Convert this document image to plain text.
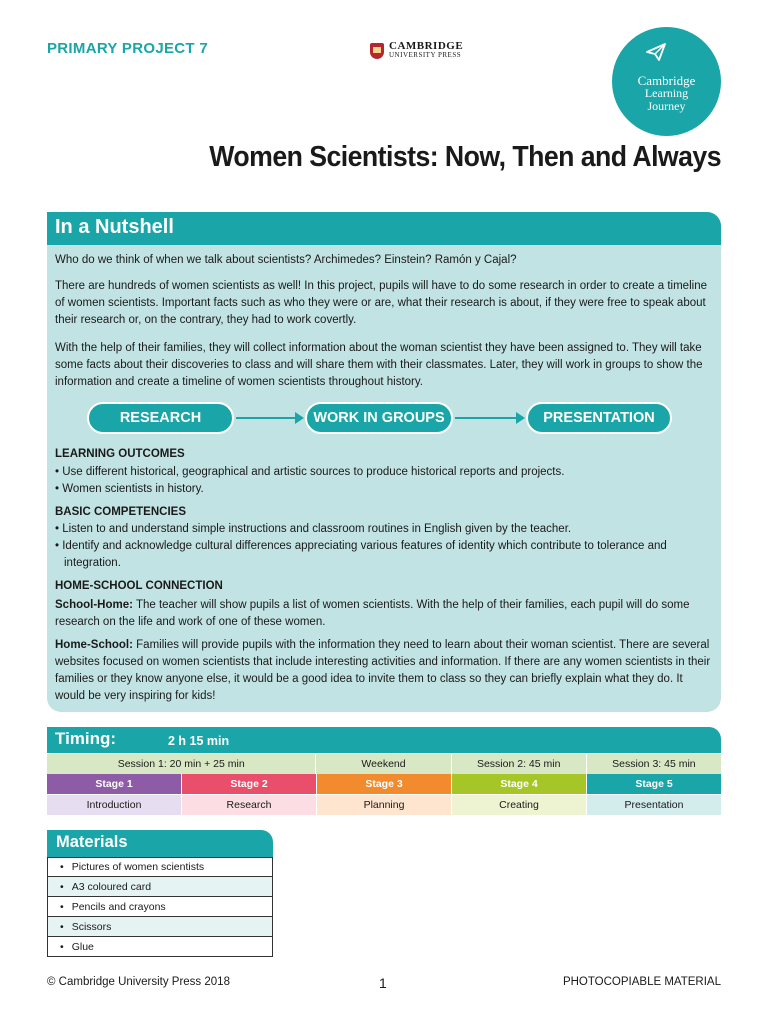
PRIMARY PROJECT 7	CAMBRIDGE
UNIVERSITY PRESS
Cambridge
Learning
Journey
Women Scientists: Now, Then and Always
In a Nutshell

Who do we think of when we talk about scientists? Archimedes? Einstein? Ramón y Cajal?

There are hundreds of women scientists as well! In this project, pupils will have to do some research in order to create a timeline of women scientists. Important facts such as who they were or are, what their research is about, if they were free to speak about their research or, on the contrary, they had to work covertly.

With the help of their families, they will collect information about the woman scientist they have been assigned to. They will take some facts about their discoveries to class and will share them with their classmates. Later, they will work in groups to show the information and create a timeline of women scientists throughout history.

RESEARCH	WORK IN GROUPS	PRESENTATION
LEARNING OUTCOMES
• Use different historical, geographical and artistic sources to produce historical reports and projects.
• Women scientists in history.
BASIC COMPETENCIES
• Listen to and understand simple instructions and classroom routines in English given by the teacher.
• Identify and acknowledge cultural differences appreciating various features of identity which contribute to tolerance and integration.
HOME-SCHOOL CONNECTION

School-Home: The teacher will show pupils a list of women scientists. With the help of their families, each pupil will do some research on the life and work of one of these women.

Home-School: Families will provide pupils with the information they need to learn about their woman scientist. There are several websites focused on women scientists that include interesting activities and information. If there are any women scientists in their families or they know anyone else, it would be a good idea to invite them to class so they can briefly explain what they do. It would be very inspiring for kids!

Timing:	2 h 15 min
Session 1: 20 min + 25 min	Weekend	Session 2: 45 min	Session 3: 45 min
Stage 1	Stage 2	Stage 3	Stage 4	Stage 5
Introduction	Research	Planning	Creating	Presentation
Materials
• Pictures of women scientists
• A3 coloured card
• Pencils and crayons
• Scissors
• Glue
© Cambridge University Press 2018	1	PHOTOCOPIABLE MATERIAL
